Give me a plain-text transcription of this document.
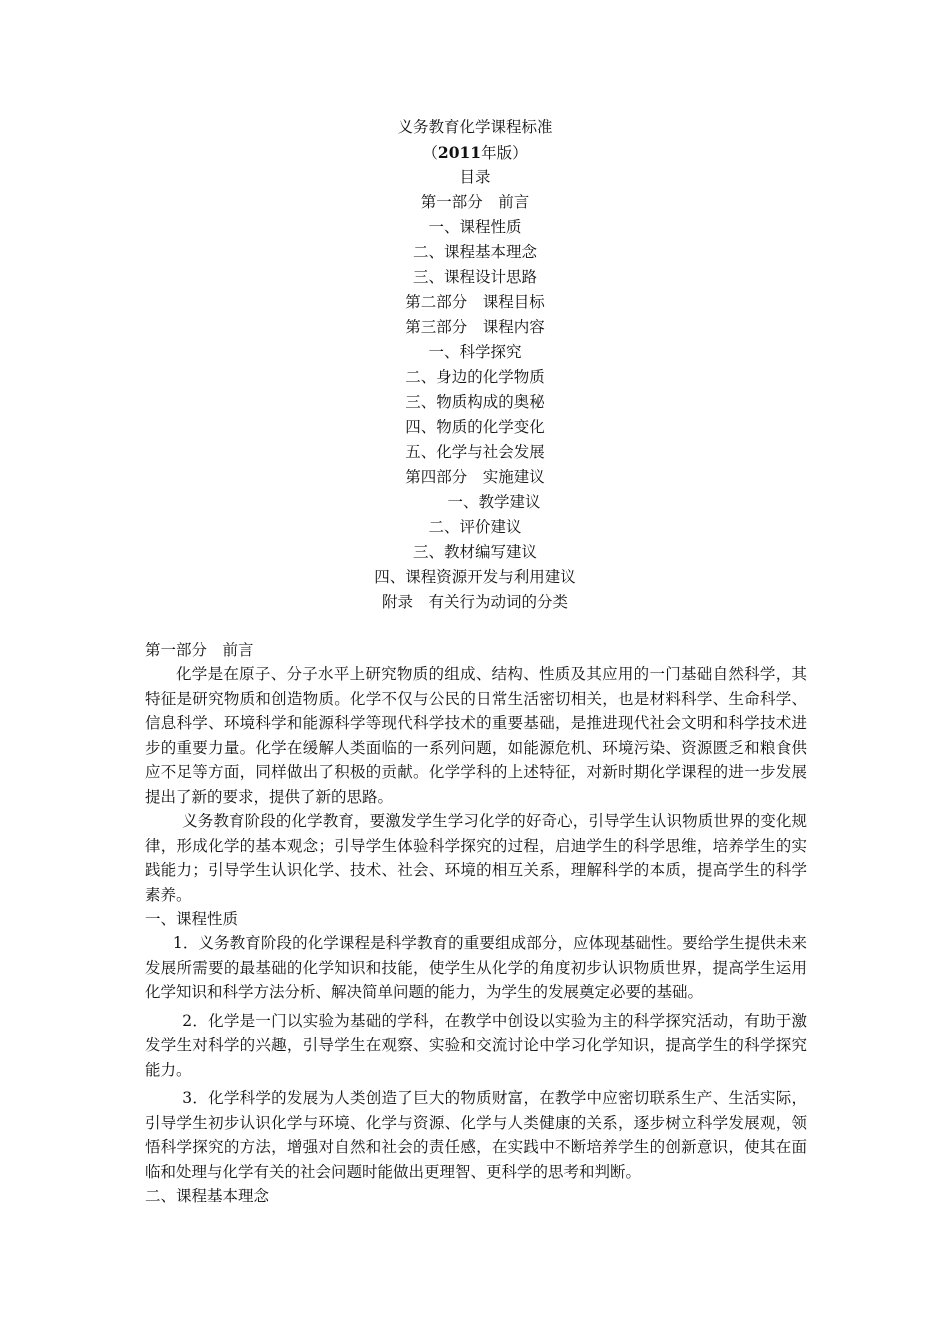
义务教育化学课程标准
（2011年版）
目录
第一部分　前言
一、课程性质
二、课程基本理念
三、课程设计思路
第二部分　课程目标
第三部分　课程内容
一、科学探究
二、身边的化学物质
三、物质构成的奥秘
四、物质的化学变化
五、化学与社会发展
第四部分　实施建议
一、教学建议
二、评价建议
三、教材编写建议
四、课程资源开发与利用建议
附录　有关行为动词的分类
第一部分　前言

化学是在原子、分子水平上研究物质的组成、结构、性质及其应用的一门基础自然科学，其特征是研究物质和创造物质。化学不仅与公民的日常生活密切相关，也是材料科学、生命科学、信息科学、环境科学和能源科学等现代科学技术的重要基础，是推进现代社会文明和科学技术进步的重要力量。化学在缓解人类面临的一系列问题，如能源危机、环境污染、资源匮乏和粮食供应不足等方面，同样做出了积极的贡献。化学学科的上述特征，对新时期化学课程的进一步发展提出了新的要求，提供了新的思路。

义务教育阶段的化学教育，要激发学生学习化学的好奇心，引导学生认识物质世界的变化规律，形成化学的基本观念；引导学生体验科学探究的过程，启迪学生的科学思维，培养学生的实践能力；引导学生认识化学、技术、社会、环境的相互关系，理解科学的本质，提高学生的科学素养。

一、课程性质

1．义务教育阶段的化学课程是科学教育的重要组成部分，应体现基础性。要给学生提供未来发展所需要的最基础的化学知识和技能，使学生从化学的角度初步认识物质世界，提高学生运用化学知识和科学方法分析、解决简单问题的能力，为学生的发展奠定必要的基础。

2．化学是一门以实验为基础的学科，在教学中创设以实验为主的科学探究活动，有助于激发学生对科学的兴趣，引导学生在观察、实验和交流讨论中学习化学知识，提高学生的科学探究能力。

3．化学科学的发展为人类创造了巨大的物质财富，在教学中应密切联系生产、生活实际，引导学生初步认识化学与环境、化学与资源、化学与人类健康的关系，逐步树立科学发展观，领悟科学探究的方法，增强对自然和社会的责任感，在实践中不断培养学生的创新意识，使其在面临和处理与化学有关的社会问题时能做出更理智、更科学的思考和判断。

二、课程基本理念
